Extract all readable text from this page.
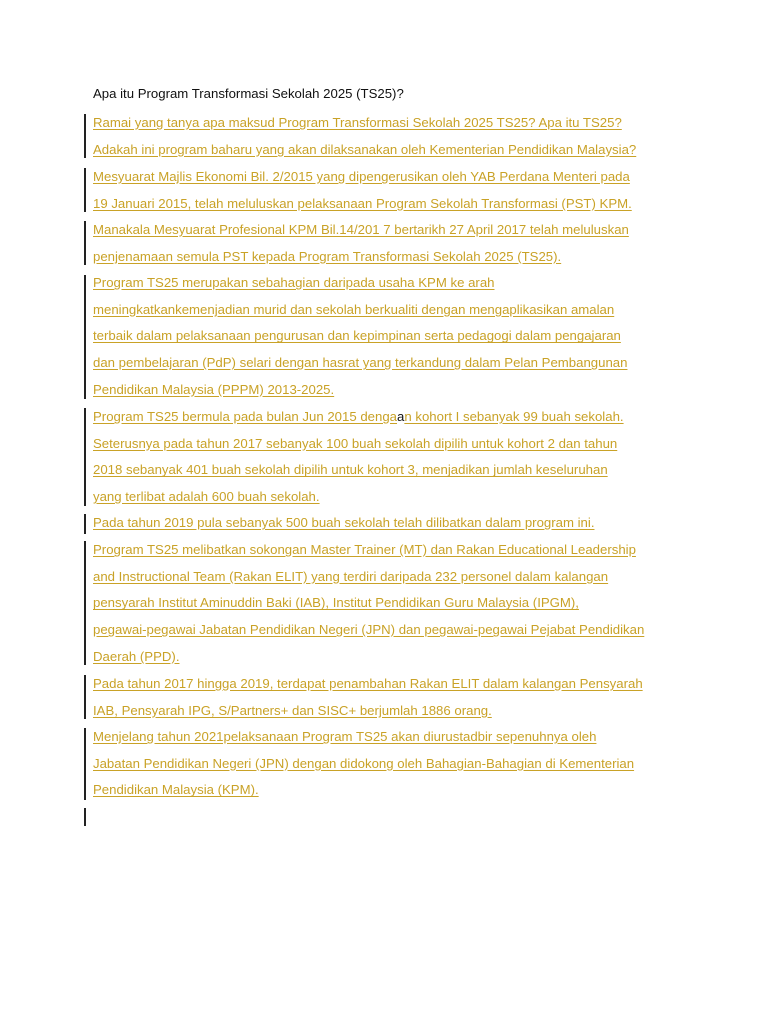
Apa itu Program Transformasi Sekolah 2025 (TS25)?
Ramai yang tanya apa maksud Program Transformasi Sekolah 2025 TS25? Apa itu TS25?
Adakah ini program baharu yang akan dilaksanakan oleh Kementerian Pendidikan Malaysia?
Mesyuarat Majlis Ekonomi Bil. 2/2015 yang dipengerusikan oleh YAB Perdana Menteri pada
19 Januari 2015, telah meluluskan pelaksanaan Program Sekolah Transformasi (PST) KPM.
Manakala Mesyuarat Profesional KPM Bil.14/201 7 bertarikh 27 April 2017 telah meluluskan
penjenamaan semula PST kepada Program Transformasi Sekolah 2025 (TS25).
Program TS25 merupakan sebahagian daripada usaha KPM ke arah
meningkatkankemenjadian murid dan sekolah berkualiti dengan mengaplikasikan amalan
terbaik dalam pelaksanaan pengurusan dan kepimpinan serta pedagogi dalam pengajaran
dan pembelajaran (PdP) selari dengan hasrat yang terkandung dalam Pelan Pembangunan
Pendidikan Malaysia (PPPM) 2013-2025.
Program TS25 bermula pada bulan Jun 2015 dengaan kohort I sebanyak 99 buah sekolah.
Seterusnya pada tahun 2017 sebanyak 100 buah sekolah dipilih untuk kohort 2 dan tahun
2018 sebanyak 401 buah sekolah dipilih untuk kohort 3, menjadikan jumlah keseluruhan
yang terlibat adalah 600 buah sekolah.
Pada tahun 2019 pula sebanyak 500 buah sekolah telah dilibatkan dalam program ini.
Program TS25 melibatkan sokongan Master Trainer (MT) dan Rakan Educational Leadership
and Instructional Team (Rakan ELIT) yang terdiri daripada 232 personel dalam kalangan
pensyarah Institut Aminuddin Baki (IAB), Institut Pendidikan Guru Malaysia (IPGM),
pegawai-pegawai Jabatan Pendidikan Negeri (JPN) dan pegawai-pegawai Pejabat Pendidikan
Daerah (PPD).
Pada tahun 2017 hingga 2019, terdapat penambahan Rakan ELIT dalam kalangan Pensyarah
IAB, Pensyarah IPG, S/Partners+ dan SISC+ berjumlah 1886 orang.
Menjelang tahun 2021pelaksanaan Program TS25 akan diurustadbir sepenuhnya oleh
Jabatan Pendidikan Negeri (JPN) dengan didokong oleh Bahagian-Bahagian di Kementerian
Pendidikan Malaysia (KPM).
